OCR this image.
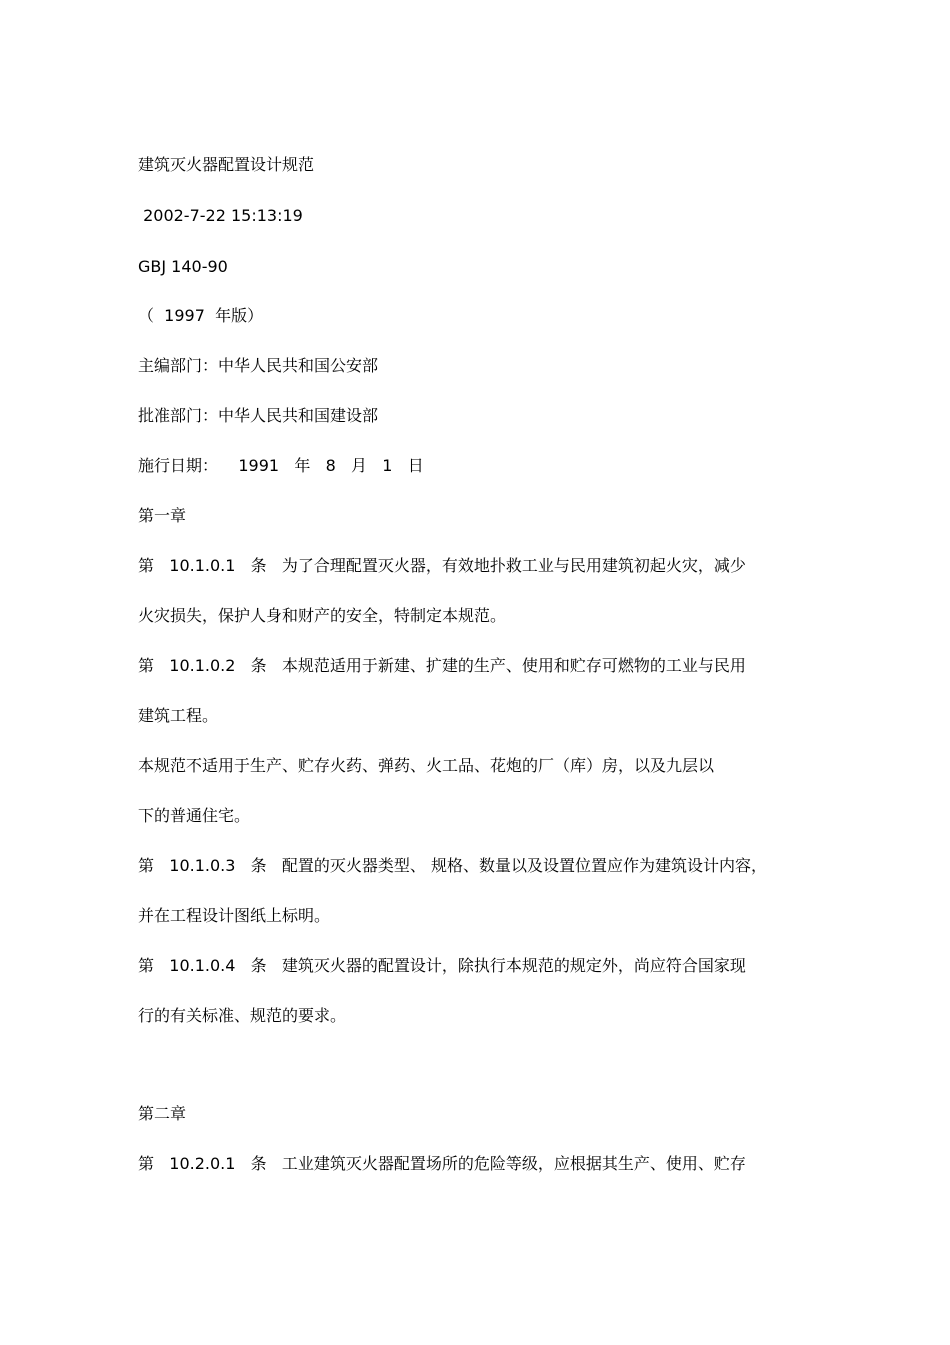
建筑灭火器配置设计规范

2002-7-22 15:13:19

GBJ 140-90

（  1997  年版）

主编部门：中华人民共和国公安部

批准部门：中华人民共和国建设部

施行日期：    1991   年   8   月   1   日

第一章

第   10.1.0.1   条   为了合理配置灭火器，有效地扑救工业与民用建筑初起火灾，减少

火灾损失，保护人身和财产的安全，特制定本规范。

第   10.1.0.2   条   本规范适用于新建、扩建的生产、使用和贮存可燃物的工业与民用

建筑工程。

本规范不适用于生产、贮存火药、弹药、火工品、花炮的厂（库）房，以及九层以

下的普通住宅。

第   10.1.0.3   条   配置的灭火器类型、 规格、数量以及设置位置应作为建筑设计内容，

并在工程设计图纸上标明。

第   10.1.0.4   条   建筑灭火器的配置设计，除执行本规范的规定外，尚应符合国家现

行的有关标准、规范的要求。

第二章

第   10.2.0.1   条   工业建筑灭火器配置场所的危险等级，应根据其生产、使用、贮存
